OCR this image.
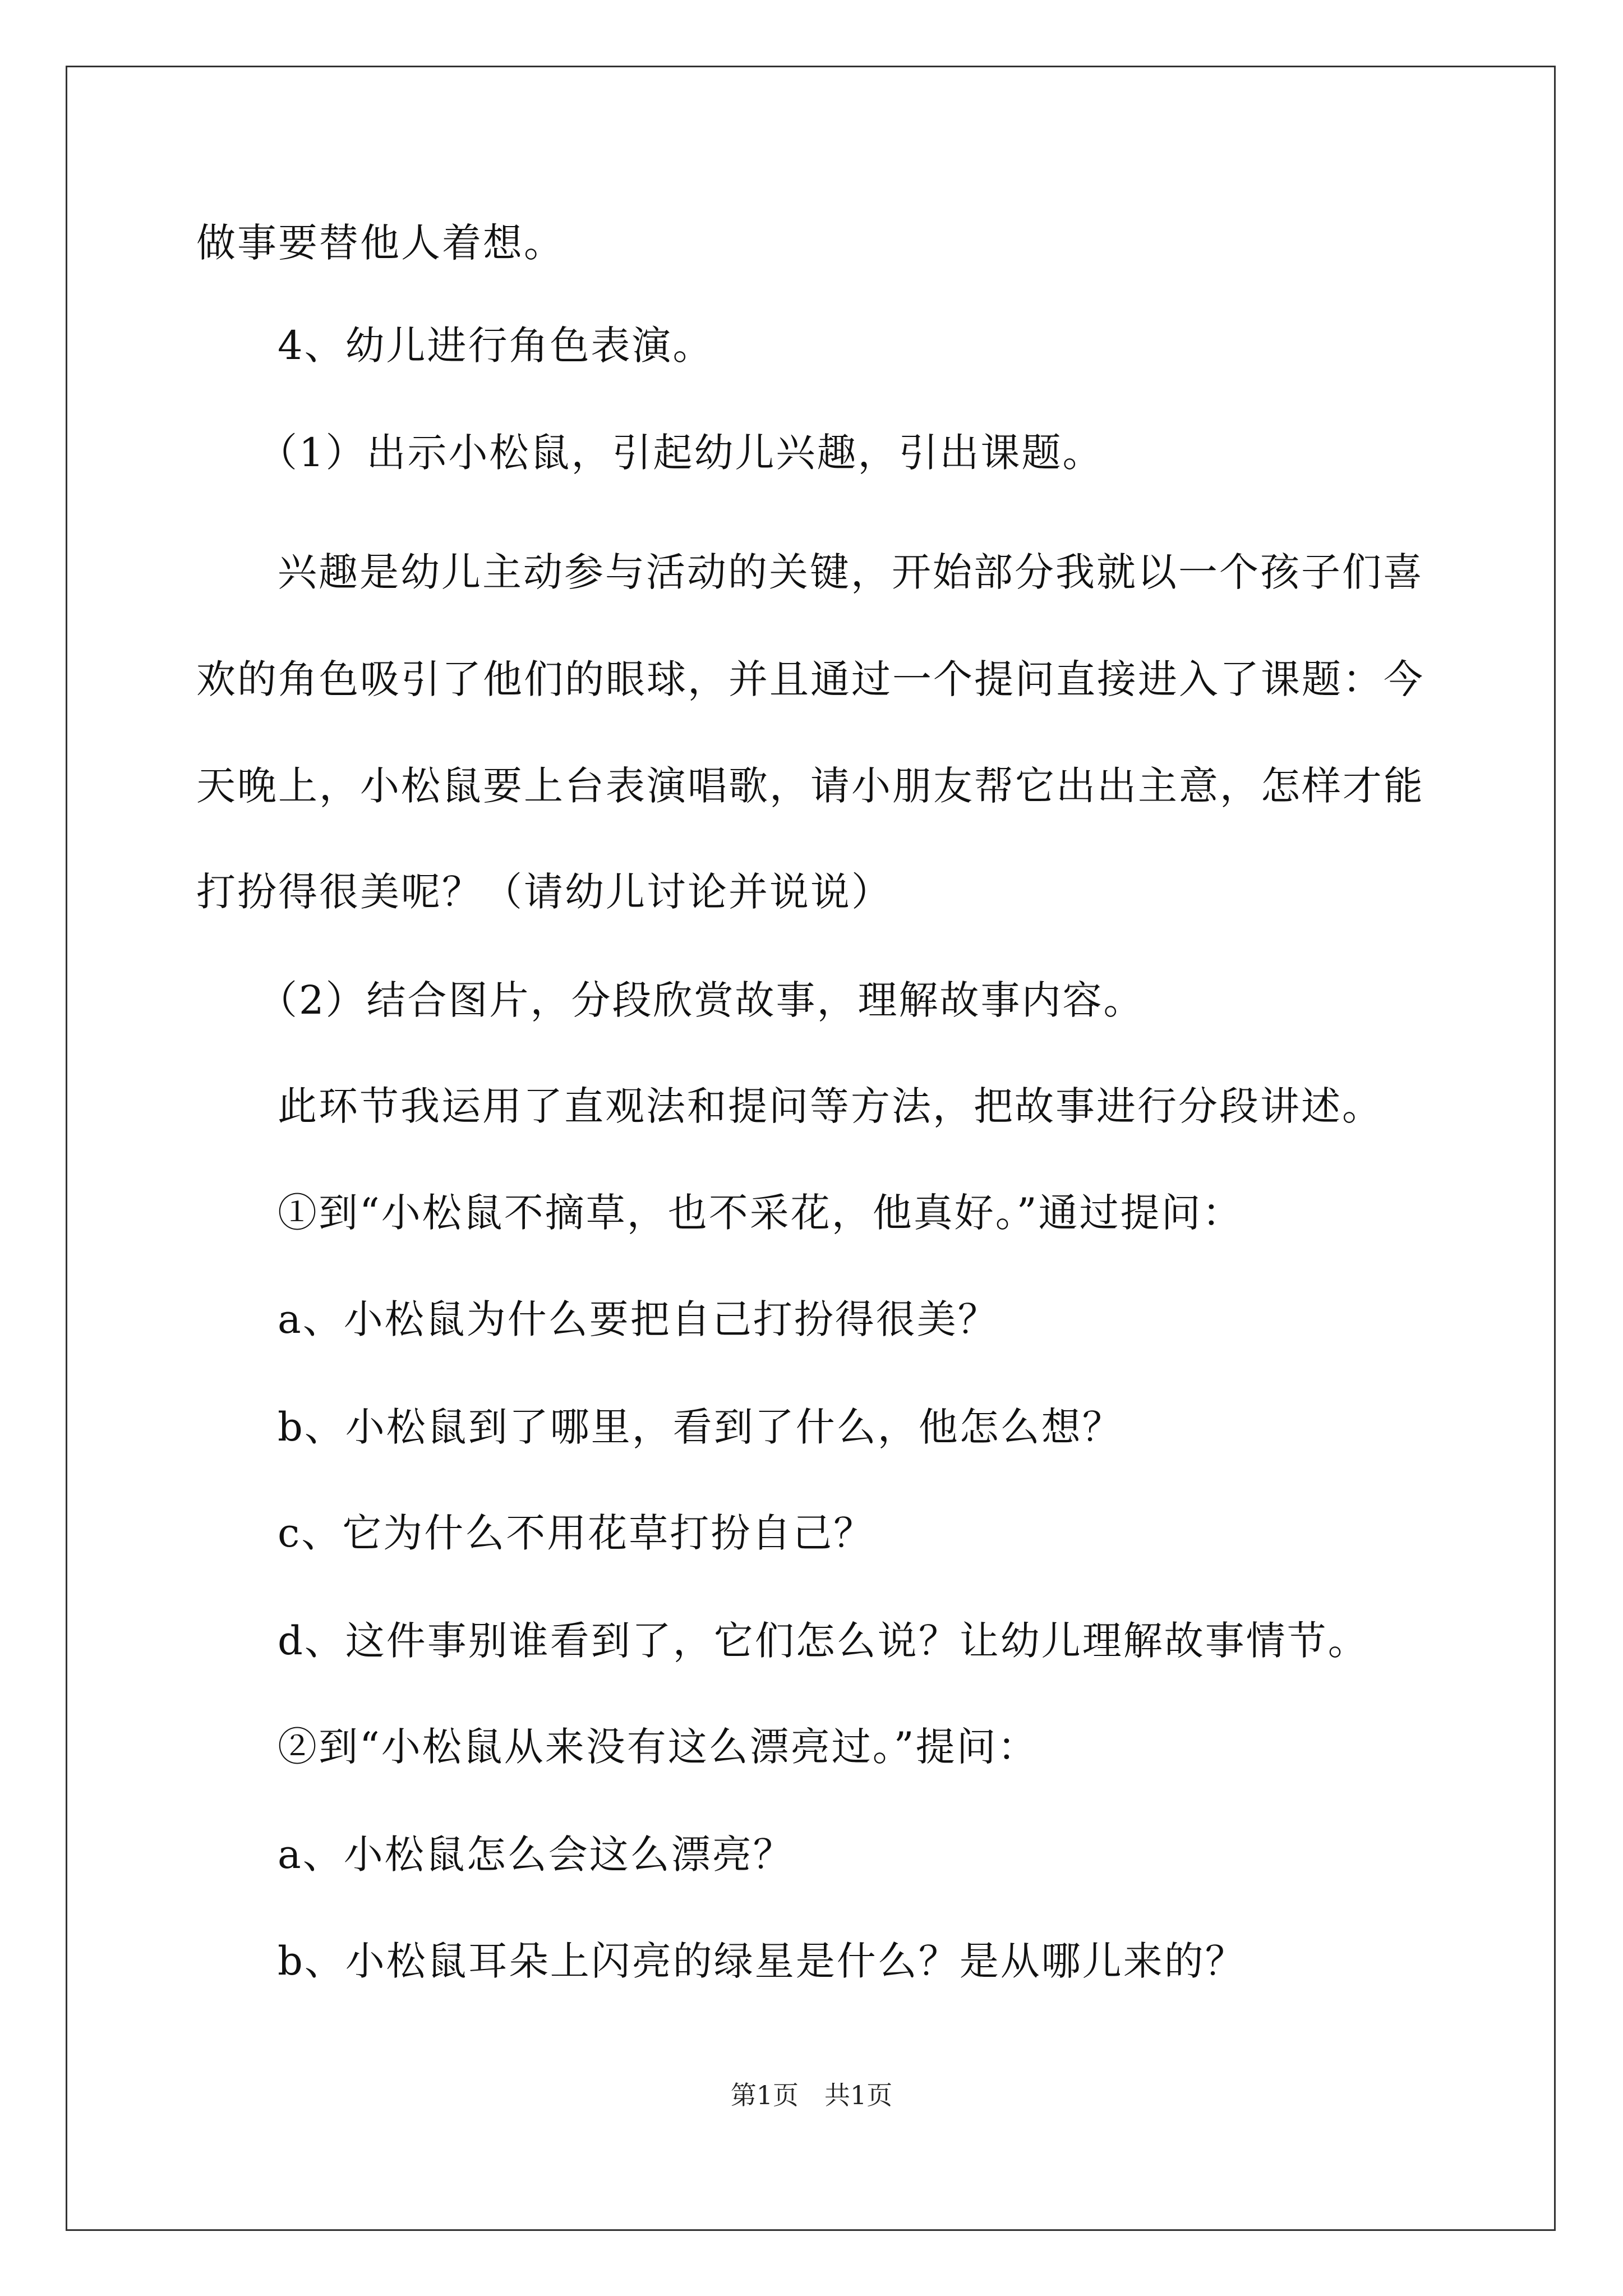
做事要替他人着想。
4、幼儿进行角色表演。
（1）出示小松鼠，引起幼儿兴趣，引出课题。
兴趣是幼儿主动参与活动的关键，开始部分我就以一个孩子们喜
欢的角色吸引了他们的眼球，并且通过一个提问直接进入了课题：今
天晚上，小松鼠要上台表演唱歌，请小朋友帮它出出主意，怎样才能
打扮得很美呢？（请幼儿讨论并说说）
（2）结合图片，分段欣赏故事，理解故事内容。
此环节我运用了直观法和提问等方法，把故事进行分段讲述。
①到“小松鼠不摘草，也不采花，他真好。”通过提问：
a、小松鼠为什么要把自己打扮得很美？
b、小松鼠到了哪里，看到了什么，他怎么想？
c、它为什么不用花草打扮自己？
d、这件事别谁看到了，它们怎么说？让幼儿理解故事情节。
②到“小松鼠从来没有这么漂亮过。”提问：
a、小松鼠怎么会这么漂亮？
b、小松鼠耳朵上闪亮的绿星是什么？是从哪儿来的？
第1页　共1页
